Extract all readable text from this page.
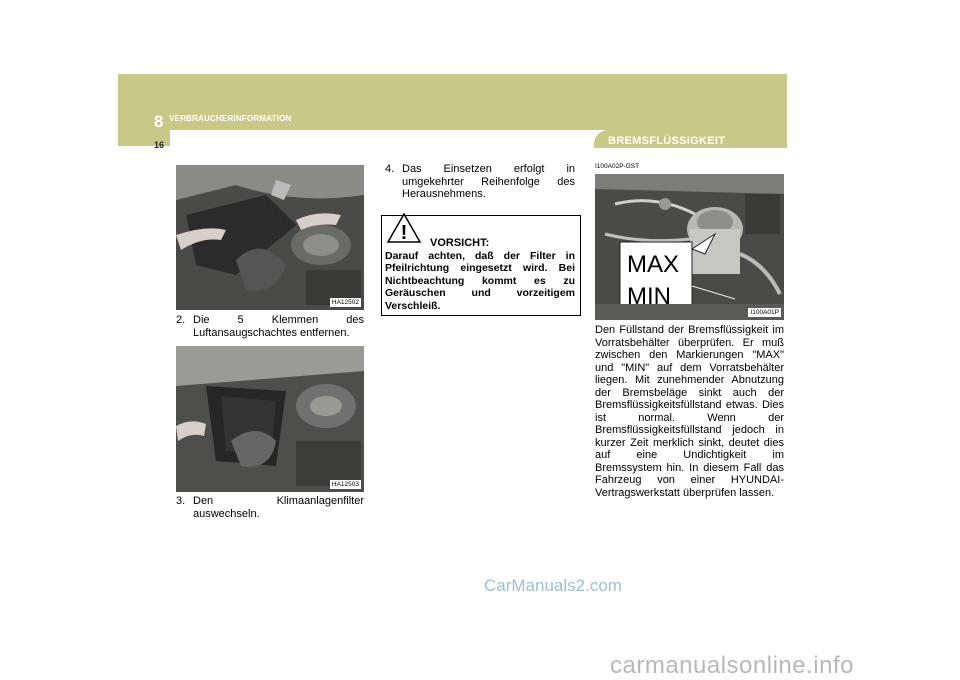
8 VERBRAUCHERINFORMATION
16	BREMSFLÜSSIGKEIT
HA12502
2. Die 5 Klemmen des Luftansaugschachtes entfernen.
HA12503
3. Den Klimaanlagenfilter auswechseln.
4. Das Einsetzen erfolgt in umgekehrter Reihenfolge des Herausnehmens.
! VORSICHT:
Darauf achten, daß der Filter in Pfeilrichtung eingesetzt wird. Bei Nichtbeachtung kommt es zu Geräuschen und vorzeitigem Verschleiß.
I100A02P-GST
MAX
MIN
I100A01P
Den Füllstand der Bremsflüssigkeit im Vorratsbehälter überprüfen. Er muß zwischen den Markierungen "MAX" und "MIN" auf dem Vorratsbehälter liegen. Mit zunehmender Abnutzung der Bremsbeläge sinkt auch der Bremsflüssigkeitsfüllstand etwas. Dies ist normal. Wenn der Bremsflüssigkeitsfüllstand jedoch in kurzer Zeit merklich sinkt, deutet dies auf eine Undichtigkeit im Bremssystem hin. In diesem Fall das Fahrzeug von einer HYUNDAI-Vertragswerkstatt überprüfen lassen.
CarManuals2.com
carmanualsonline.info
